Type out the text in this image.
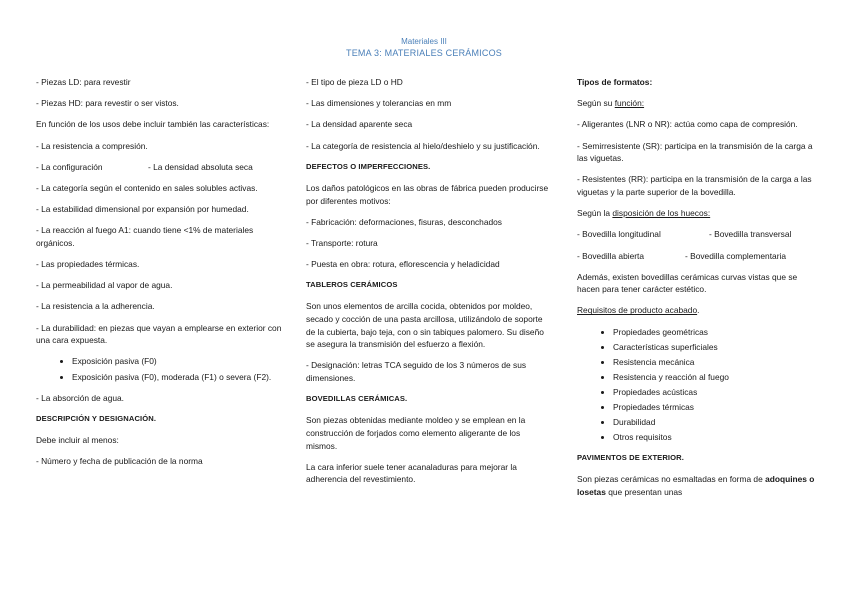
Materiales III
TEMA 3: MATERIALES CERÁMICOS

- Piezas LD: para revestir

- Piezas HD: para revestir o ser vistos.

En función de los usos debe incluir también las características:

- La resistencia a compresión.

- La configuración	- La densidad absoluta seca

- La categoría según el contenido en sales solubles activas.

- La estabilidad dimensional por expansión por humedad.

- La reacción al fuego A1: cuando tiene <1% de materiales orgánicos.

- Las propiedades térmicas.

- La permeabilidad al vapor de agua.

- La resistencia a la adherencia.

- La durabilidad: en piezas que vayan a emplearse en exterior con una cara expuesta.

• Exposición pasiva (F0)
• Exposición pasiva (F0), moderada (F1) o severa (F2).

- La absorción de agua.

DESCRIPCIÓN Y DESIGNACIÓN.

Debe incluir al menos:

- Número y fecha de publicación de la norma

- El tipo de pieza LD o HD

- Las dimensiones y tolerancias en mm

- La densidad aparente seca

- La categoría de resistencia al hielo/deshielo y su justificación.

DEFECTOS O IMPERFECCIONES.

Los daños patológicos en las obras de fábrica pueden producirse por diferentes motivos:

- Fabricación: deformaciones, fisuras, desconchados

- Transporte: rotura

- Puesta en obra: rotura, eflorescencia y heladicidad

TABLEROS CERÁMICOS

Son unos elementos de arcilla cocida, obtenidos por moldeo, secado y cocción de una pasta arcillosa, utilizándolo de soporte de la cubierta, bajo teja, con o sin tabiques palomero. Su diseño se asegura la transmisión del esfuerzo a flexión.

- Designación: letras TCA seguido de los 3 números de sus dimensiones.

BOVEDILLAS CERÁMICAS.

Son piezas obtenidas mediante moldeo y se emplean en la construcción de forjados como elemento aligerante de los mismos.

La cara inferior suele tener acanaladuras para mejorar la adherencia del revestimiento.

Tipos de formatos:

Según su función:

- Aligerantes (LNR o NR): actúa como capa de compresión.

- Semirresistente (SR): participa en la transmisión de la carga a las viguetas.

- Resistentes (RR): participa en la transmisión de la carga a las viguetas y la parte superior de la bovedilla.

Según la disposición de los huecos:

- Bovedilla longitudinal	- Bovedilla transversal

- Bovedilla abierta	- Bovedilla complementaria

Además, existen bovedillas cerámicas curvas vistas que se hacen para tener carácter estético.

Requisitos de producto acabado.

• Propiedades geométricas
• Características superficiales
• Resistencia mecánica
• Resistencia y reacción al fuego
• Propiedades acústicas
• Propiedades térmicas
• Durabilidad
• Otros requisitos

PAVIMENTOS DE EXTERIOR.

Son piezas cerámicas no esmaltadas en forma de adoquines o losetas que presentan unas
